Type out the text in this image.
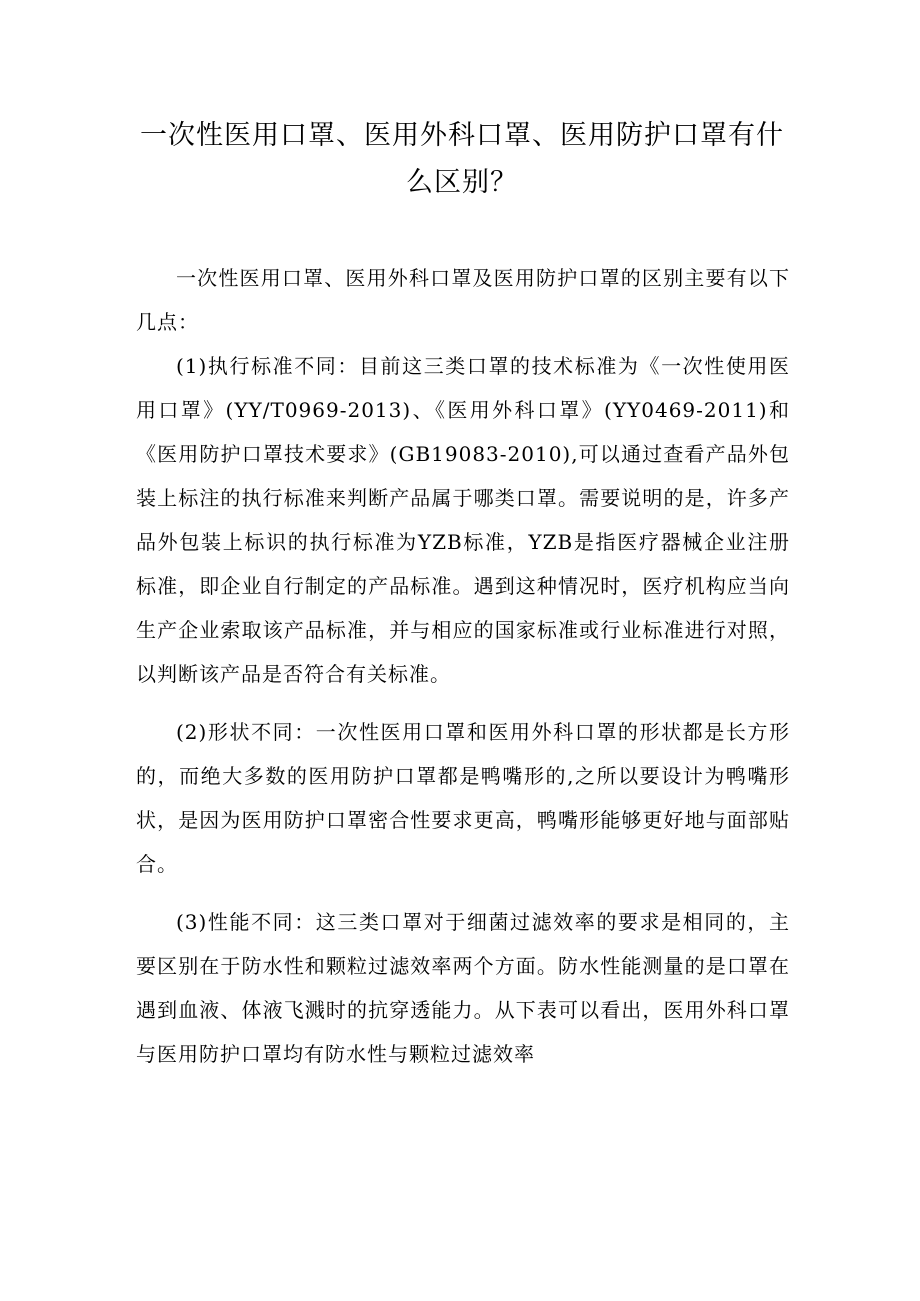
一次性医用口罩、医用外科口罩、医用防护口罩有什么区别？

一次性医用口罩、医用外科口罩及医用防护口罩的区别主要有以下几点：

(1)执行标准不同：目前这三类口罩的技术标准为《一次性使用医用口罩》(YY/T0969-2013)、《医用外科口罩》(YY0469-2011)和《医用防护口罩技术要求》(GB19083-2010),可以通过查看产品外包装上标注的执行标准来判断产品属于哪类口罩。需要说明的是，许多产品外包装上标识的执行标准为YZB标准，YZB是指医疗器械企业注册标准，即企业自行制定的产品标准。遇到这种情况时，医疗机构应当向生产企业索取该产品标准，并与相应的国家标准或行业标准进行对照，以判断该产品是否符合有关标准。

(2)形状不同：一次性医用口罩和医用外科口罩的形状都是长方形的，而绝大多数的医用防护口罩都是鸭嘴形的,之所以要设计为鸭嘴形状，是因为医用防护口罩密合性要求更高，鸭嘴形能够更好地与面部贴合。

(3)性能不同：这三类口罩对于细菌过滤效率的要求是相同的，主要区别在于防水性和颗粒过滤效率两个方面。防水性能测量的是口罩在遇到血液、体液飞溅时的抗穿透能力。从下表可以看出，医用外科口罩与医用防护口罩均有防水性与颗粒过滤效率
